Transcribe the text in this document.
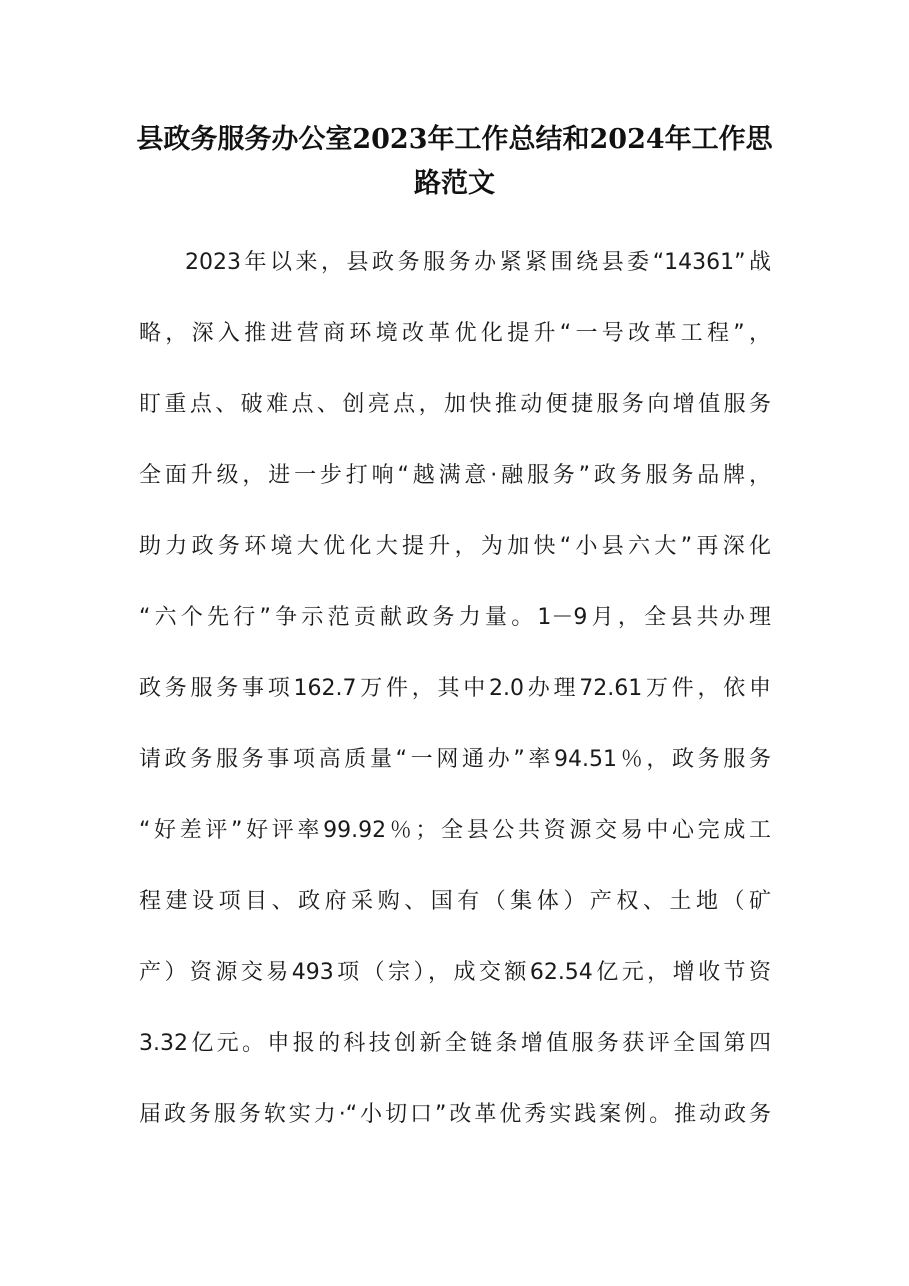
县政务服务办公室2023年工作总结和2024年工作思
路范文
2023年以来，县政务服务办紧紧围绕县委“14361”战
略，深入推进营商环境改革优化提升“一号改革工程”，
盯重点、破难点、创亮点，加快推动便捷服务向增值服务
全面升级，进一步打响“越满意·融服务”政务服务品牌，
助力政务环境大优化大提升，为加快“小县六大”再深化
“六个先行”争示范贡献政务力量。1－9月，全县共办理
政务服务事项162.7万件，其中2.0办理72.61万件，依申
请政务服务事项高质量“一网通办”率94.51％，政务服务
“好差评”好评率99.92％；全县公共资源交易中心完成工
程建设项目、政府采购、国有（集体）产权、土地（矿
产）资源交易493项（宗），成交额62.54亿元，增收节资
3.32亿元。申报的科技创新全链条增值服务获评全国第四
届政务服务软实力·“小切口”改革优秀实践案例。推动政务
